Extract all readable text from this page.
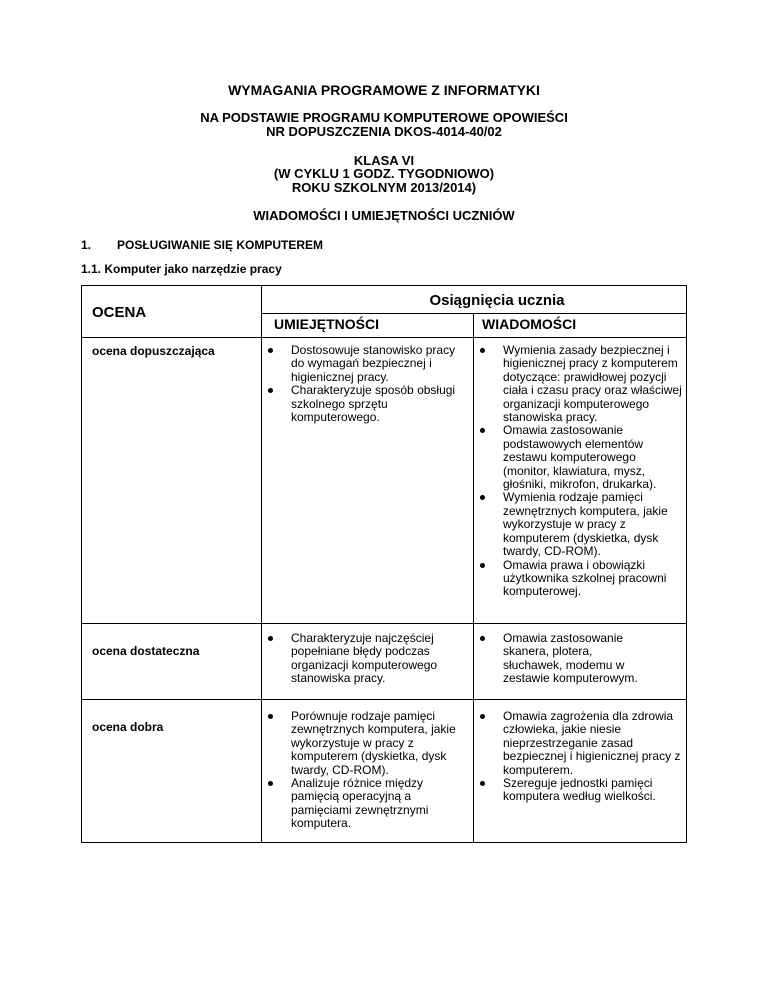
WYMAGANIA PROGRAMOWE Z INFORMATYKI
NA PODSTAWIE PROGRAMU KOMPUTEROWE OPOWIEŚCI
NR DOPUSZCZENIA DKOS-4014-40/02
KLASA VI
(W CYKLU 1 GODZ. TYGODNIOWO)
ROKU SZKOLNYM 2013/2014)
WIADOMOŚCI I UMIEJĘTNOŚCI UCZNIÓW
1. POSŁUGIWANIE SIĘ KOMPUTEREM
1.1. Komputer jako narzędzie pracy
OCENA
Osiągnięcia ucznia
UMIEJĘTNOŚCI	WIADOMOŚCI
ocena dopuszczająca	Dostosowuje stanowisko pracy do wymagań bezpiecznej i higienicznej pracy.
Charakteryzuje sposób obsługi szkolnego sprzętu komputerowego.
Wymienia zasady bezpiecznej i higienicznej pracy z komputerem dotyczące: prawidłowej pozycji ciała i czasu pracy oraz właściwej organizacji komputerowego stanowiska pracy.
Omawia zastosowanie podstawowych elementów zestawu komputerowego (monitor, klawiatura, mysz, głośniki, mikrofon, drukarka).
Wymienia rodzaje pamięci zewnętrznych komputera, jakie wykorzystuje w pracy z komputerem (dyskietka, dysk twardy, CD-ROM).
Omawia prawa i obowiązki użytkownika szkolnej pracowni komputerowej.
ocena dostateczna
Charakteryzuje najczęściej popełniane błędy podczas organizacji komputerowego stanowiska pracy.
Omawia zastosowanie skanera, plotera, słuchawek, modemu w zestawie komputerowym.
ocena dobra
Porównuje rodzaje pamięci zewnętrznych komputera, jakie wykorzystuje w pracy z komputerem (dyskietka, dysk twardy, CD-ROM).
Analizuje różnice między pamięcią operacyjną a pamięciami zewnętrznymi komputera.
Omawia zagrożenia dla zdrowia człowieka, jakie niesie nieprzestrzeganie zasad bezpiecznej i higienicznej pracy z komputerem.
Szereguje jednostki pamięci komputera według wielkości.
